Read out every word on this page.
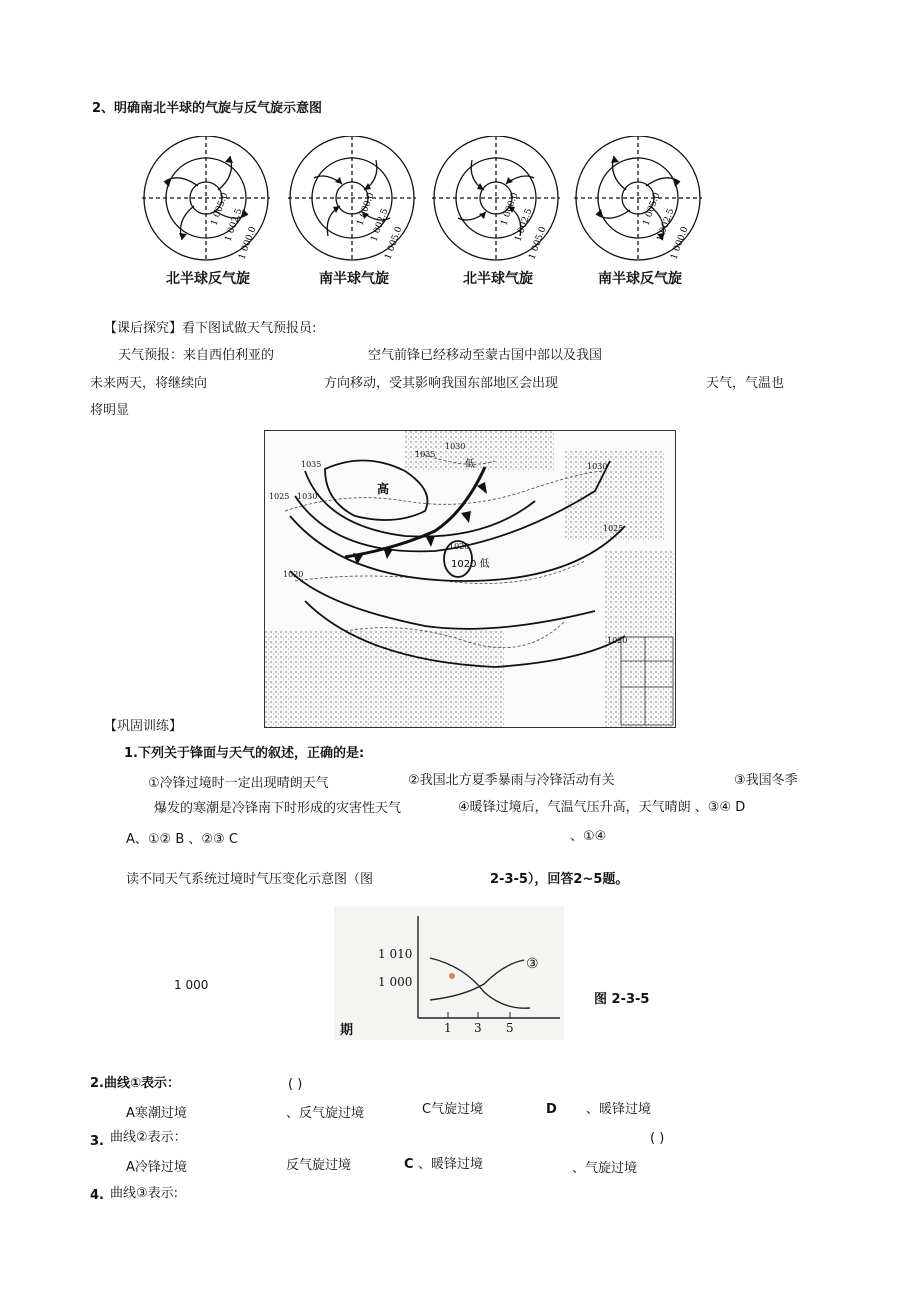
2、明确南北半球的气旋与反气旋示意图
1 005.0
1 002.5
1 000.0
北半球反气旋
1 000.0
1 002.5
1 005.0
南半球气旋
1 000.0
1 002.5
1 005.0
北半球气旋
1 005.0
1 002.5
1 000.0
南半球反气旋
【课后探究】看下图试做天气预报员:
天气预报：来自西伯利亚的	空气前锋已经移动至蒙古国中部以及我国
未来两天，将继续向	方向移动，受其影响我国东部地区会出现	天气，气温也
将明显
1035
1030
1035
1030
1025
1020
1030
1025
1020
1020
高
低
1020 低
【巩固训练】
1.下列关于锋面与天气的叙述，正确的是:
①冷锋过境时一定出现晴朗天气	②我国北方夏季暴雨与冷锋活动有关	③我国冬季
爆发的寒潮是冷锋南下时形成的灾害性天气	④暖锋过境后，气温气压升高，天气晴朗 、③④ D
A、①② B 、②③ C	、①④
读不同天气系统过境时气压变化示意图（图	2-3-5），回答2~5题。
1 000
1 010
1 000
1 3 5
③
期
图 2-3-5
2.曲线①表示：	( )
A寒潮过境	、反气旋过境	C气旋过境	D 、暖锋过境
3. 曲线②表示：	( )
A冷锋过境	反气旋过境	C 、暖锋过境	、气旋过境
4. 曲线③表示:
